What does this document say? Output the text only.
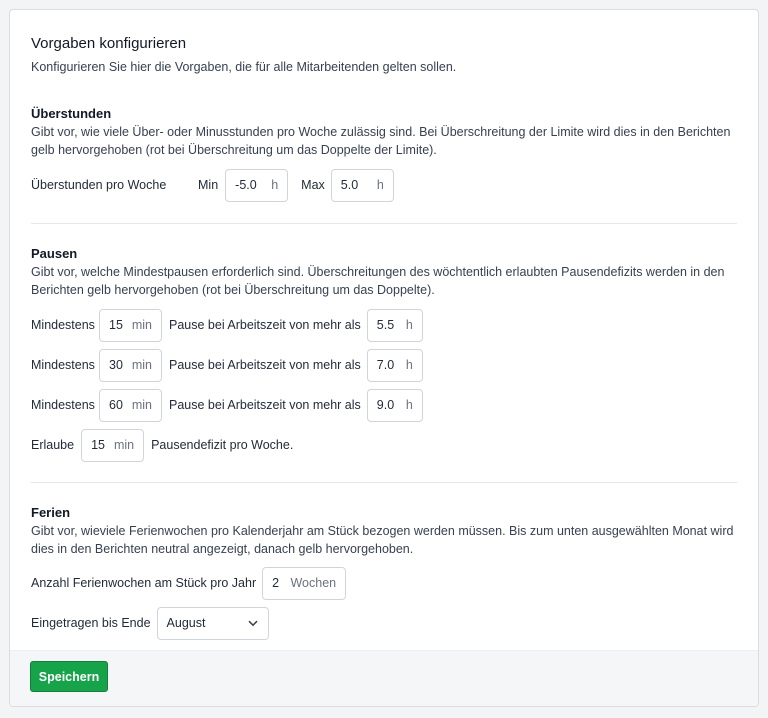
Vorgaben konfigurieren
Konfigurieren Sie hier die Vorgaben, die für alle Mitarbeitenden gelten sollen.
Überstunden
Gibt vor, wie viele Über- oder Minusstunden pro Woche zulässig sind. Bei Überschreitung der Limite wird dies in den Berichten gelb hervorgehoben (rot bei Überschreitung um das Doppelte der Limite).
Überstunden pro Woche	Min -5.0 h Max 5.0 h
Pausen
Gibt vor, welche Mindestpausen erforderlich sind. Überschreitungen des wöchtentlich erlaubten Pausendefizits werden in den Berichten gelb hervorgehoben (rot bei Überschreitung um das Doppelte).
Mindestens	15 min Pause bei Arbeitszeit von mehr als 5.5 h
Mindestens	30 min Pause bei Arbeitszeit von mehr als 7.0 h
Mindestens	60 min Pause bei Arbeitszeit von mehr als 9.0 h
Erlaube 15 min Pausendefizit pro Woche.
Ferien
Gibt vor, wieviele Ferienwochen pro Kalenderjahr am Stück bezogen werden müssen. Bis zum unten ausgewählten Monat wird dies in den Berichten neutral angezeigt, danach gelb hervorgehoben.
Anzahl Ferienwochen am Stück pro Jahr 2 Wochen
Eingetragen bis Ende August
Speichern
